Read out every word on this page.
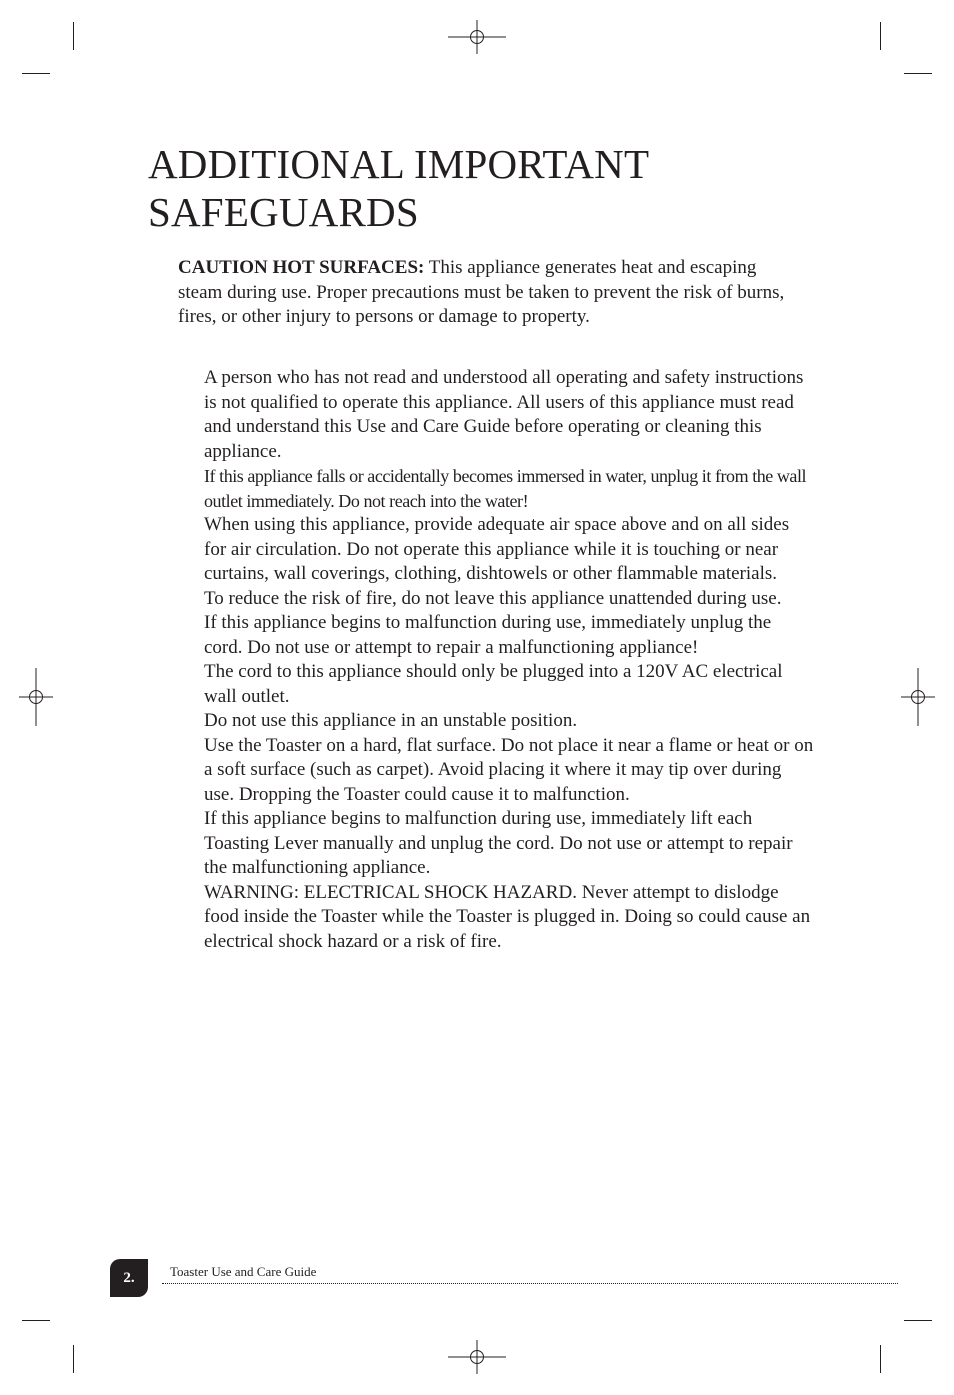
ADDITIONAL IMPORTANT
SAFEGUARDS

CAUTION HOT SURFACES: This appliance generates heat and escaping steam during use. Proper precautions must be taken to prevent the risk of burns, fires, or other injury to persons or damage to property.

A person who has not read and understood all operating and safety instructions is not qualified to operate this appliance. All users of this appliance must read and understand this Use and Care Guide before operating or cleaning this appliance.
If this appliance falls or accidentally becomes immersed in water, unplug it from the wall outlet immediately. Do not reach into the water!
When using this appliance, provide adequate air space above and on all sides for air circulation. Do not operate this appliance while it is touching or near curtains, wall coverings, clothing, dishtowels or other flammable materials.
To reduce the risk of fire, do not leave this appliance unattended during use.
If this appliance begins to malfunction during use, immediately unplug the cord. Do not use or attempt to repair a malfunctioning appliance!
The cord to this appliance should only be plugged into a 120V AC electrical wall outlet.
Do not use this appliance in an unstable position.
Use the Toaster on a hard, flat surface. Do not place it near a flame or heat or on a soft surface (such as carpet). Avoid placing it where it may tip over during use. Dropping the Toaster could cause it to malfunction.
If this appliance begins to malfunction during use, immediately lift each Toasting Lever manually and unplug the cord. Do not use or attempt to repair the malfunctioning appliance.
WARNING: ELECTRICAL SHOCK HAZARD. Never attempt to dislodge food inside the Toaster while the Toaster is plugged in. Doing so could cause an electrical shock hazard or a risk of fire.
2.	Toaster Use and Care Guide
